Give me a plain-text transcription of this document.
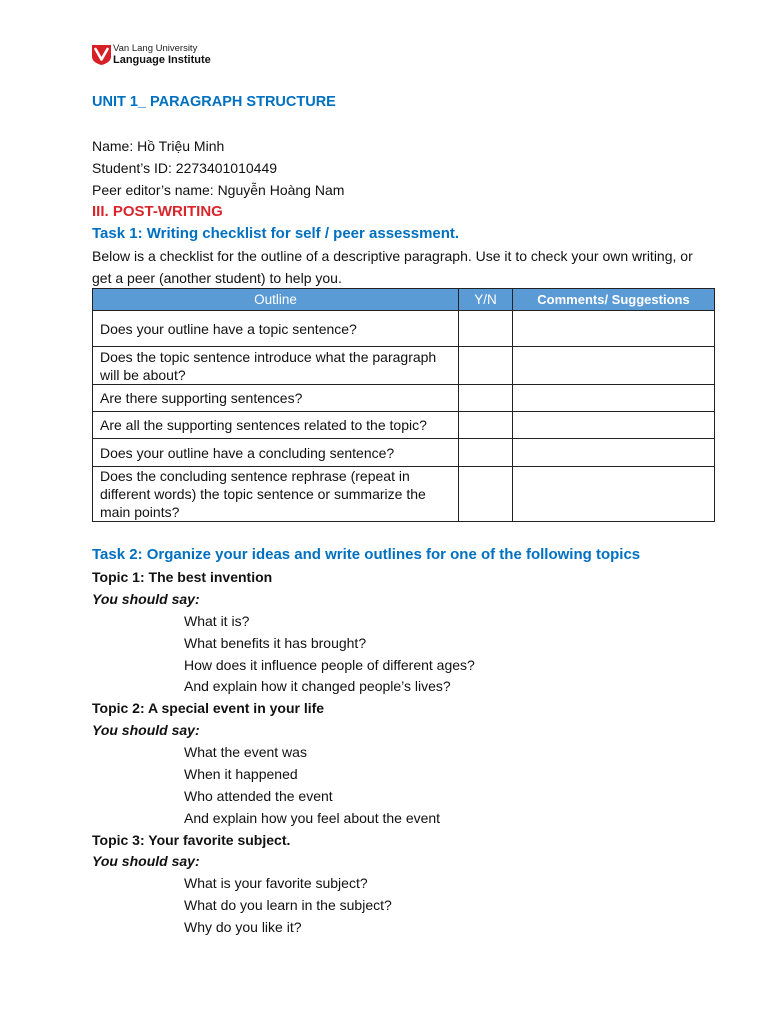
Van Lang University
Language Institute
UNIT 1_ PARAGRAPH STRUCTURE
Name: Hồ Triệu Minh
Student’s ID: 2273401010449
Peer editor’s name: Nguyễn Hoàng Nam
III. POST-WRITING
Task 1: Writing checklist for self / peer assessment.
Below is a checklist for the outline of a descriptive paragraph. Use it to check your own writing, or get a peer (another student) to help you.
Outline	Y/N	Comments/ Suggestions
Does your outline have a topic sentence?		
Does the topic sentence introduce what the paragraph will be about?		
Are there supporting sentences?		
Are all the supporting sentences related to the topic?		
Does your outline have a concluding sentence?		
Does the concluding sentence rephrase (repeat in different words) the topic sentence or summarize the main points?		
Task 2: Organize your ideas and write outlines for one of the following topics
Topic 1: The best invention
You should say:
What it is?
What benefits it has brought?
How does it influence people of different ages?
And explain how it changed people’s lives?
Topic 2: A special event in your life
You should say:
What the event was
When it happened
Who attended the event
And explain how you feel about the event
Topic 3: Your favorite subject.
You should say:
What is your favorite subject?
What do you learn in the subject?
Why do you like it?
